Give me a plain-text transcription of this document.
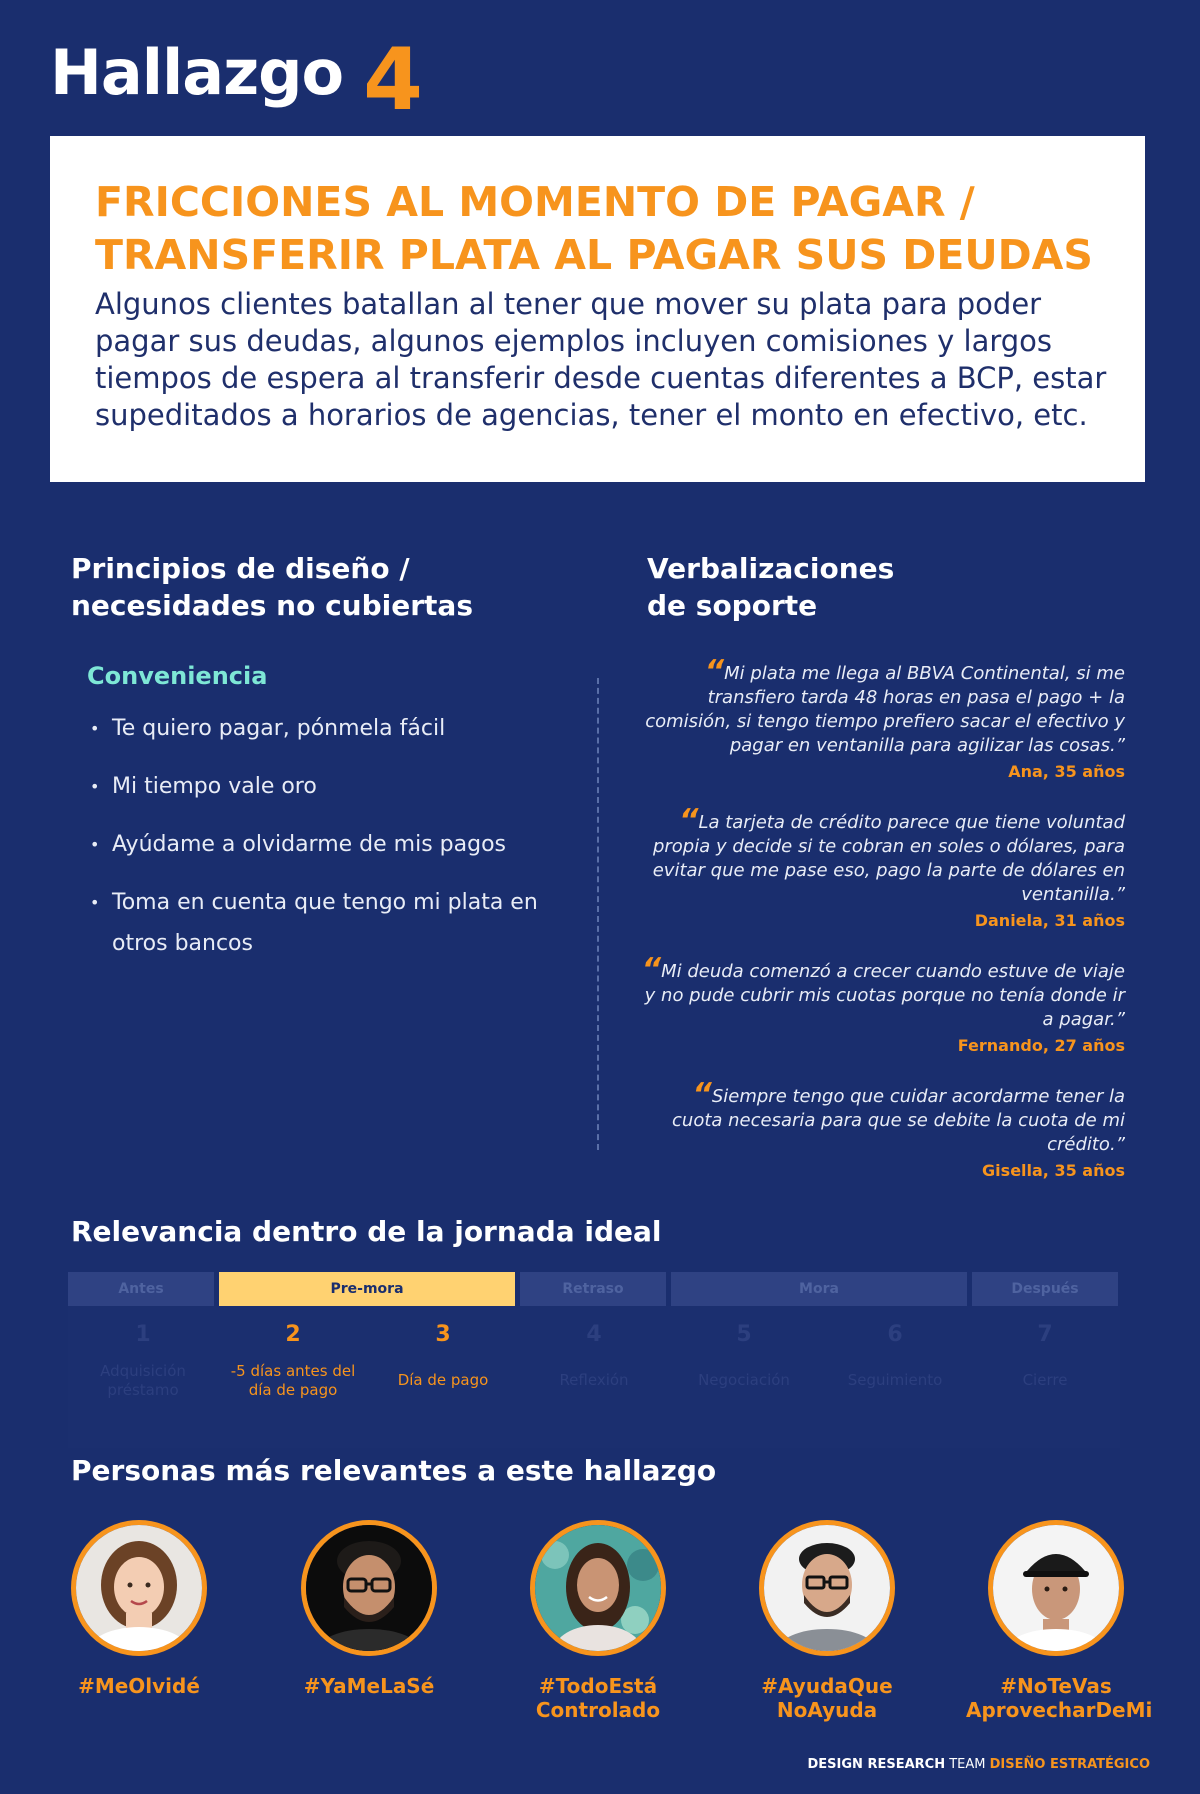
Hallazgo 4
FRICCIONES AL MOMENTO DE PAGAR /
TRANSFERIR PLATA AL PAGAR SUS DEUDAS

Algunos clientes batallan al tener que mover su plata para poder pagar sus deudas, algunos ejemplos incluyen comisiones y largos tiempos de espera al transferir desde cuentas diferentes a BCP, estar supeditados a horarios de agencias, tener el monto en efectivo, etc.

Principios de diseño /
necesidades no cubiertas
Conveniencia
• Te quiero pagar, pónmela fácil
• Mi tiempo vale oro
• Ayúdame a olvidarme de mis pagos
• Toma en cuenta que tengo mi plata en otros bancos
Verbalizaciones
de soporte
“Mi plata me llega al BBVA Continental, si me transfiero tarda 48 horas en pasa el pago + la comisión, si tengo tiempo prefiero sacar el efectivo y pagar en ventanilla para agilizar las cosas.”
Ana, 35 años
“La tarjeta de crédito parece que tiene voluntad propia y decide si te cobran en soles o dólares, para evitar que me pase eso, pago la parte de dólares en ventanilla.”
Daniela, 31 años
“Mi deuda comenzó a crecer cuando estuve de viaje y no pude cubrir mis cuotas porque no tenía donde ir a pagar.”
Fernando, 27 años
“Siempre tengo que cuidar acordarme tener la cuota necesaria para que se debite la cuota de mi crédito.”
Gisella, 35 años
Relevancia dentro de la jornada ideal
Antes	Pre-mora	Retraso	Mora	Después
1
Adquisición préstamo
2
-5 días antes del día de pago
3
Día de pago
4
Reflexión
5
Negociación
6
Seguimiento
7
Cierre
Personas más relevantes a este hallazgo
#MeOlvidé	#YaMeLaSé	#TodoEstá
Controlado
#AyudaQue
NoAyuda
#NoTeVas
AprovecharDeMi
DESIGN RESEARCH TEAM DISEÑO ESTRATÉGICO
